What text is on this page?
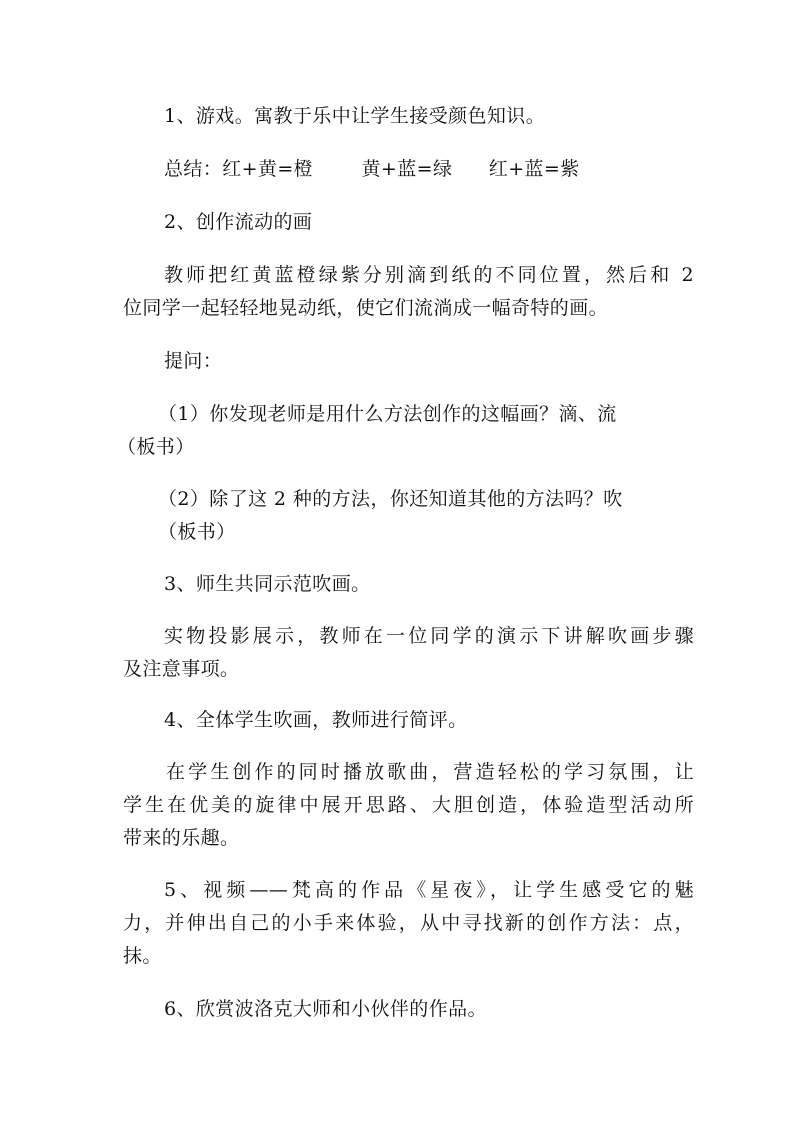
1、游戏。寓教于乐中让学生接受颜色知识。
总结：红+黄=橙	黄+蓝=绿 红+蓝=紫
2、创作流动的画
教师把红黄蓝橙绿紫分别滴到纸的不同位置，然后和 2
位同学一起轻轻地晃动纸，使它们流淌成一幅奇特的画。
提问：
（1）你发现老师是用什么方法创作的这幅画？滴、流
（板书）
（2）除了这 2 种的方法，你还知道其他的方法吗？吹
（板书）
3、师生共同示范吹画。
实物投影展示，教师在一位同学的演示下讲解吹画步骤
及注意事项。
4、全体学生吹画，教师进行简评。
在学生创作的同时播放歌曲，营造轻松的学习氛围，让
学生在优美的旋律中展开思路、大胆创造，体验造型活动所
带来的乐趣。
5、视频——梵高的作品《星夜》，让学生感受它的魅
力，并伸出自己的小手来体验，从中寻找新的创作方法：点，
抹。
6、欣赏波洛克大师和小伙伴的作品。
